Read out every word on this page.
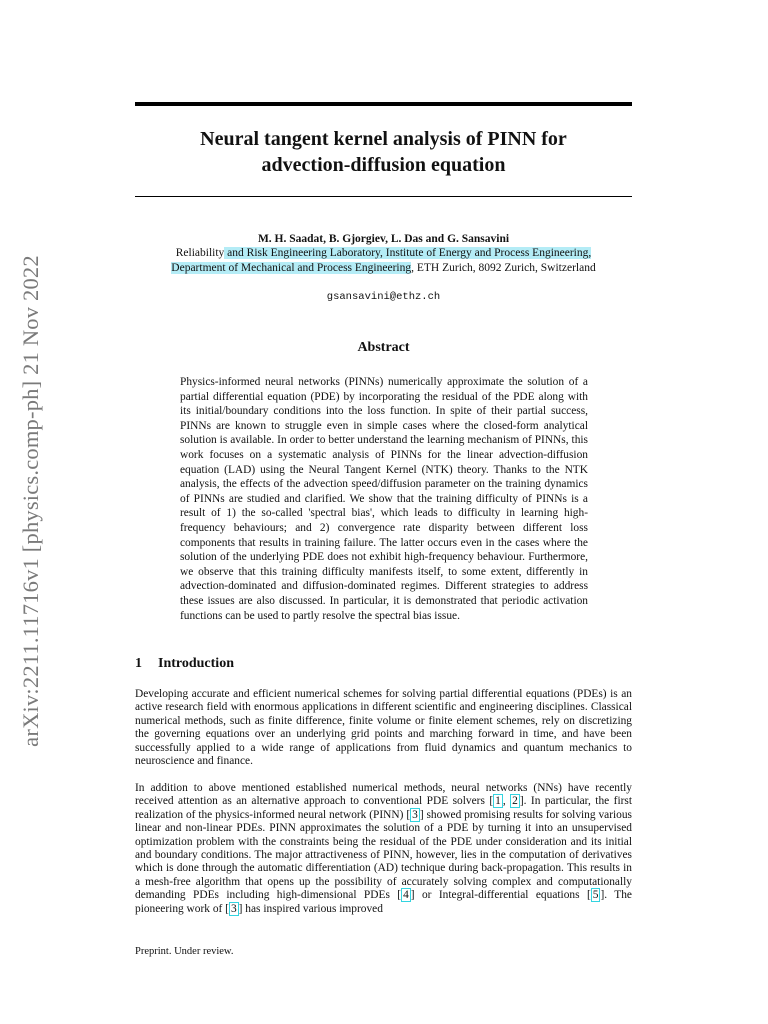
arXiv:2211.11716v1 [physics.comp-ph] 21 Nov 2022
Neural tangent kernel analysis of PINN for
advection-diffusion equation
M. H. Saadat, B. Gjorgiev, L. Das and G. Sansavini
Reliability and Risk Engineering Laboratory, Institute of Energy and Process Engineering,
Department of Mechanical and Process Engineering, ETH Zurich, 8092 Zurich, Switzerland
gsansavini@ethz.ch
Abstract
Physics-informed neural networks (PINNs) numerically approximate the solution of a partial differential equation (PDE) by incorporating the residual of the PDE along with its initial/boundary conditions into the loss function. In spite of their partial success, PINNs are known to struggle even in simple cases where the closed-form analytical solution is available. In order to better understand the learning mechanism of PINNs, this work focuses on a systematic analysis of PINNs for the linear advection-diffusion equation (LAD) using the Neural Tangent Kernel (NTK) theory. Thanks to the NTK analysis, the effects of the advection speed/diffusion parameter on the training dynamics of PINNs are studied and clarified. We show that the training difficulty of PINNs is a result of 1) the so-called 'spectral bias', which leads to difficulty in learning high-frequency behaviours; and 2) convergence rate disparity between different loss components that results in training failure. The latter occurs even in the cases where the solution of the underlying PDE does not exhibit high-frequency behaviour. Furthermore, we observe that this training difficulty manifests itself, to some extent, differently in advection-dominated and diffusion-dominated regimes. Different strategies to address these issues are also discussed. In particular, it is demonstrated that periodic activation functions can be used to partly resolve the spectral bias issue.
1 Introduction
Developing accurate and efficient numerical schemes for solving partial differential equations (PDEs) is an active research field with enormous applications in different scientific and engineering disciplines. Classical numerical methods, such as finite difference, finite volume or finite element schemes, rely on discretizing the governing equations over an underlying grid points and marching forward in time, and have been successfully applied to a wide range of applications from fluid dynamics and quantum mechanics to neuroscience and finance.
In addition to above mentioned established numerical methods, neural networks (NNs) have recently received attention as an alternative approach to conventional PDE solvers [ 1 , 2 ]. In particular, the first realization of the physics-informed neural network (PINN) [ 3 ] showed promising results for solving various linear and non-linear PDEs. PINN approximates the solution of a PDE by turning it into an unsupervised optimization problem with the constraints being the residual of the PDE under consideration and its initial and boundary conditions. The major attractiveness of PINN, however, lies in the computation of derivatives which is done through the automatic differentiation (AD) technique during back-propagation. This results in a mesh-free algorithm that opens up the possibility of accurately solving complex and computationally demanding PDEs including high-dimensional PDEs [ 4 ] or Integral-differential equations [ 5 ]. The pioneering work of [ 3 ] has inspired various improved
Preprint. Under review.
